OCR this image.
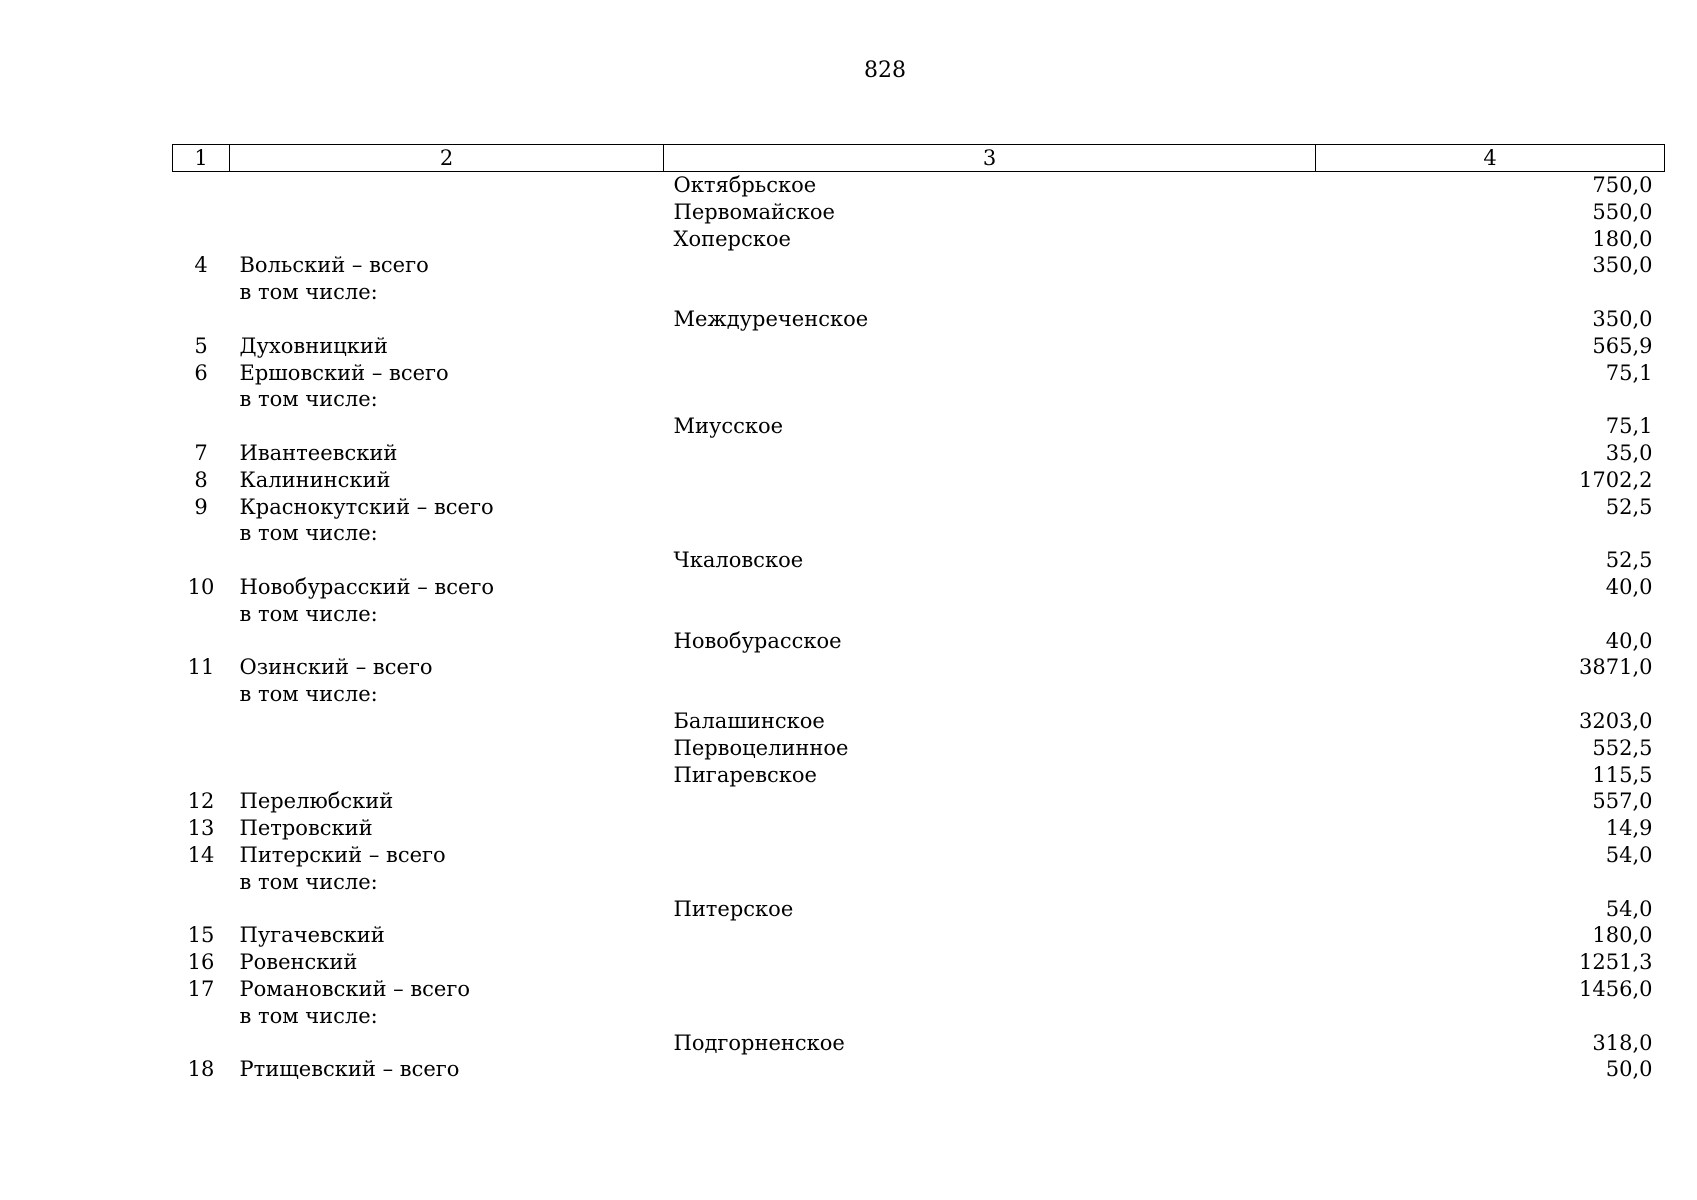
828
1	2	3	4
		Октябрьское	750,0
		Первомайское	550,0
		Хоперское	180,0
4	Вольский – всего		350,0
	в том числе:		
		Междуреченское	350,0
5	Духовницкий		565,9
6	Ершовский – всего		75,1
	в том числе:		
		Миусское	75,1
7	Ивантеевский		35,0
8	Калининский		1702,2
9	Краснокутский – всего		52,5
	в том числе:		
		Чкаловское	52,5
10	Новобурасский – всего		40,0
	в том числе:		
		Новобурасское	40,0
11	Озинский – всего		3871,0
	в том числе:		
		Балашинское	3203,0
		Первоцелинное	552,5
		Пигаревское	115,5
12	Перелюбский		557,0
13	Петровский		14,9
14	Питерский – всего		54,0
	в том числе:		
		Питерское	54,0
15	Пугачевский		180,0
16	Ровенский		1251,3
17	Романовский – всего		1456,0
	в том числе:		
		Подгорненское	318,0
18	Ртищевский – всего		50,0
